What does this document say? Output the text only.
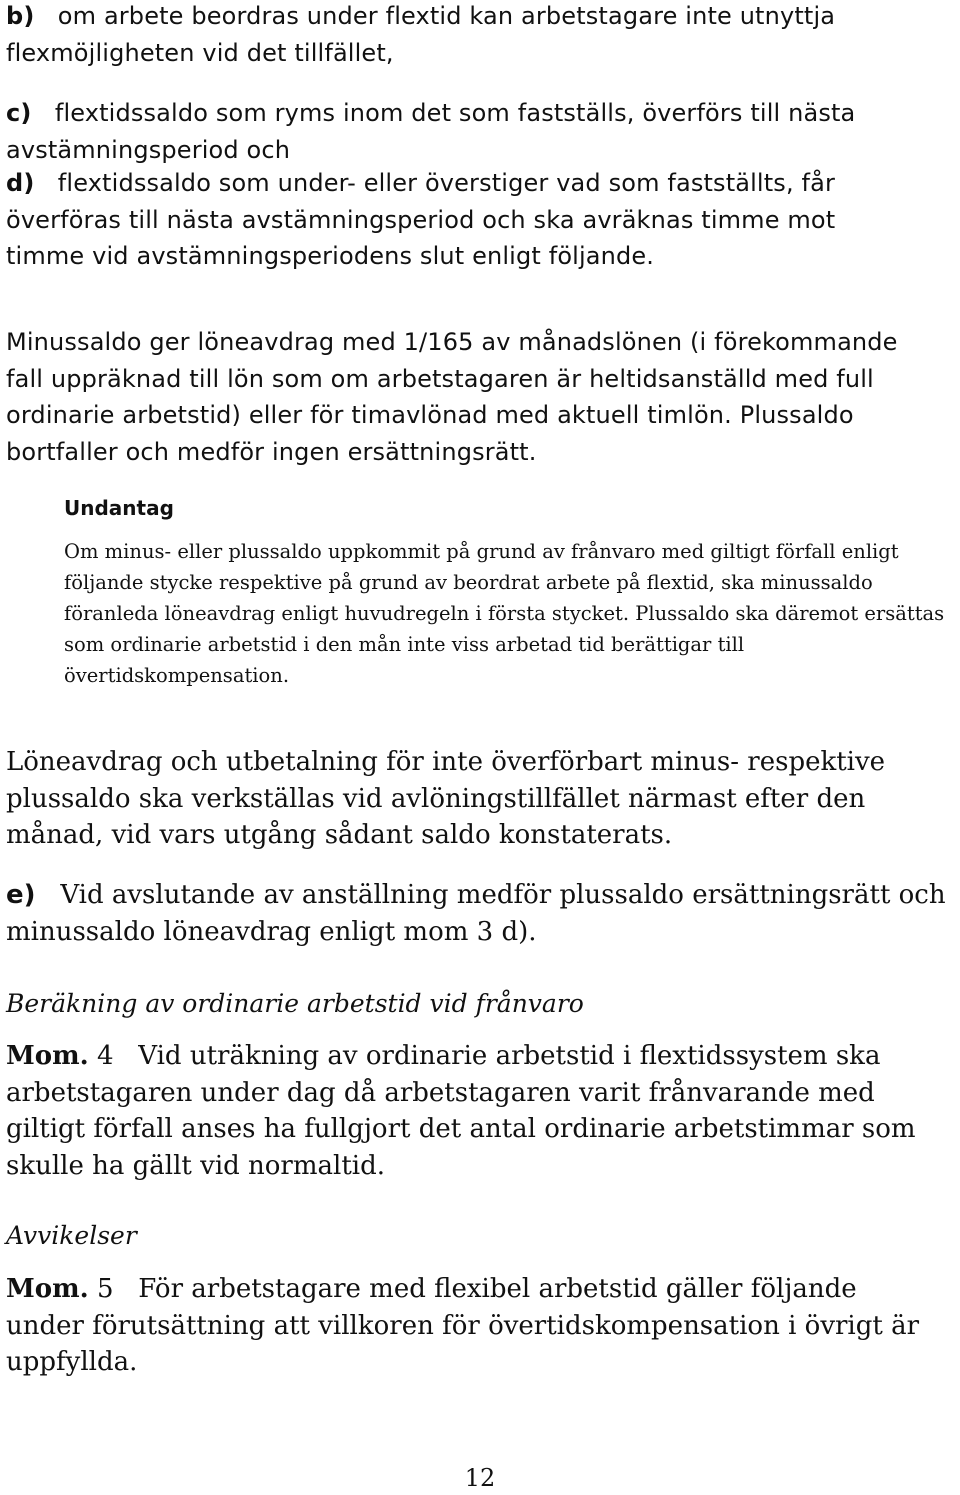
b) om arbete beordras under flextid kan arbetstagare inte utnyttja flexmöjligheten vid det tillfället,

c) flextidssaldo som ryms inom det som fastställs, överförs till nästa avstämningsperiod och

d) flextidssaldo som under- eller överstiger vad som fastställts, får överföras till nästa avstämningsperiod och ska avräknas timme mot timme vid avstämningsperiodens slut enligt följande.

Minussaldo ger löneavdrag med 1/165 av månadslönen (i förekommande fall uppräknad till lön som om arbetstagaren är heltidsanställd med full ordinarie arbetstid) eller för timavlönad med aktuell timlön. Plussaldo bortfaller och medför ingen ersättningsrätt.

Undantag

Om minus- eller plussaldo uppkommit på grund av frånvaro med giltigt förfall enligt följande stycke respektive på grund av beordrat arbete på flextid, ska minussaldo föranleda löneavdrag enligt huvudregeln i första stycket. Plussaldo ska däremot ersättas som ordinarie arbetstid i den mån inte viss arbetad tid berättigar till övertidskompensation.

Löneavdrag och utbetalning för inte överförbart minus- respektive plussaldo ska verkställas vid avlöningstillfället närmast efter den månad, vid vars utgång sådant saldo konstaterats.

e) Vid avslutande av anställning medför plussaldo ersättningsrätt och minussaldo löneavdrag enligt mom 3 d).

Beräkning av ordinarie arbetstid vid frånvaro

Mom. 4 Vid uträkning av ordinarie arbetstid i flextidssystem ska arbetstagaren under dag då arbetstagaren varit frånvarande med giltigt förfall anses ha fullgjort det antal ordinarie arbetstimmar som skulle ha gällt vid normaltid.

Avvikelser

Mom. 5 För arbetstagare med flexibel arbetstid gäller följande under förutsättning att villkoren för övertidskompensation i övrigt är uppfyllda.

12
